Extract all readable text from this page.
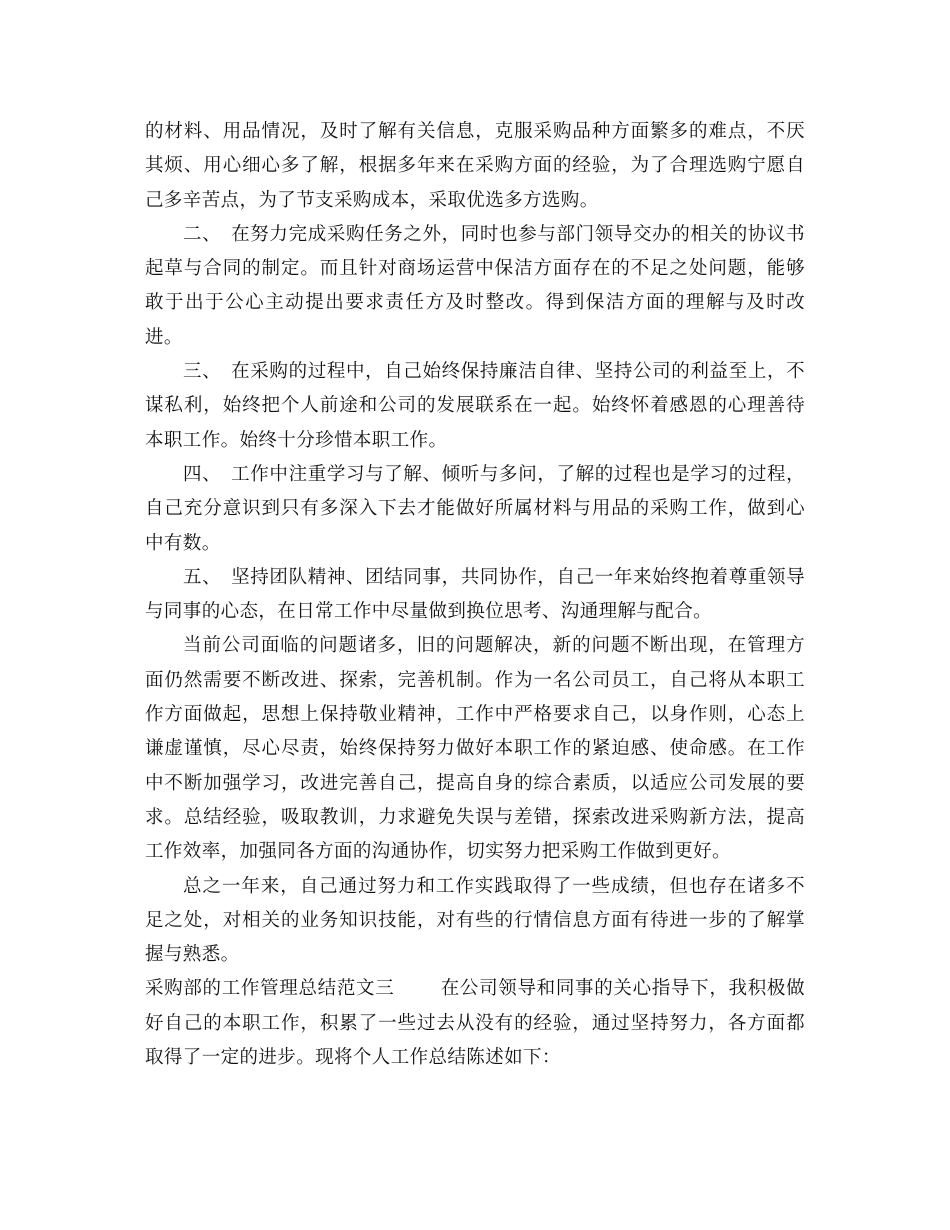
的材料、用品情况，及时了解有关信息，克服采购品种方面繁多的难点，不厌其烦、用心细心多了解，根据多年来在采购方面的经验，为了合理选购宁愿自己多辛苦点，为了节支采购成本，采取优选多方选购。

二、　在努力完成采购任务之外，同时也参与部门领导交办的相关的协议书起草与合同的制定。而且针对商场运营中保洁方面存在的不足之处问题，能够敢于出于公心主动提出要求责任方及时整改。得到保洁方面的理解与及时改进。

三、　在采购的过程中，自己始终保持廉洁自律、坚持公司的利益至上，不谋私利，始终把个人前途和公司的发展联系在一起。始终怀着感恩的心理善待本职工作。始终十分珍惜本职工作。

四、　工作中注重学习与了解、倾听与多问，了解的过程也是学习的过程，自己充分意识到只有多深入下去才能做好所属材料与用品的采购工作，做到心中有数。

五、　坚持团队精神、团结同事，共同协作，自己一年来始终抱着尊重领导与同事的心态，在日常工作中尽量做到换位思考、沟通理解与配合。

当前公司面临的问题诸多，旧的问题解决，新的问题不断出现，在管理方面仍然需要不断改进、探索，完善机制。作为一名公司员工，自己将从本职工作方面做起，思想上保持敬业精神，工作中严格要求自己，以身作则，心态上谦虚谨慎，尽心尽责，始终保持努力做好本职工作的紧迫感、使命感。在工作中不断加强学习，改进完善自己，提高自身的综合素质，以适应公司发展的要求。总结经验，吸取教训，力求避免失误与差错，探索改进采购新方法，提高工作效率，加强同各方面的沟通协作，切实努力把采购工作做到更好。

总之一年来，自己通过努力和工作实践取得了一些成绩，但也存在诸多不足之处，对相关的业务知识技能，对有些的行情信息方面有待进一步的了解掌握与熟悉。

采购部的工作管理总结范文三 在公司领导和同事的关心指导下，我积极做好自己的本职工作，积累了一些过去从没有的经验，通过坚持努力，各方面都取得了一定的进步。现将个人工作总结陈述如下：
